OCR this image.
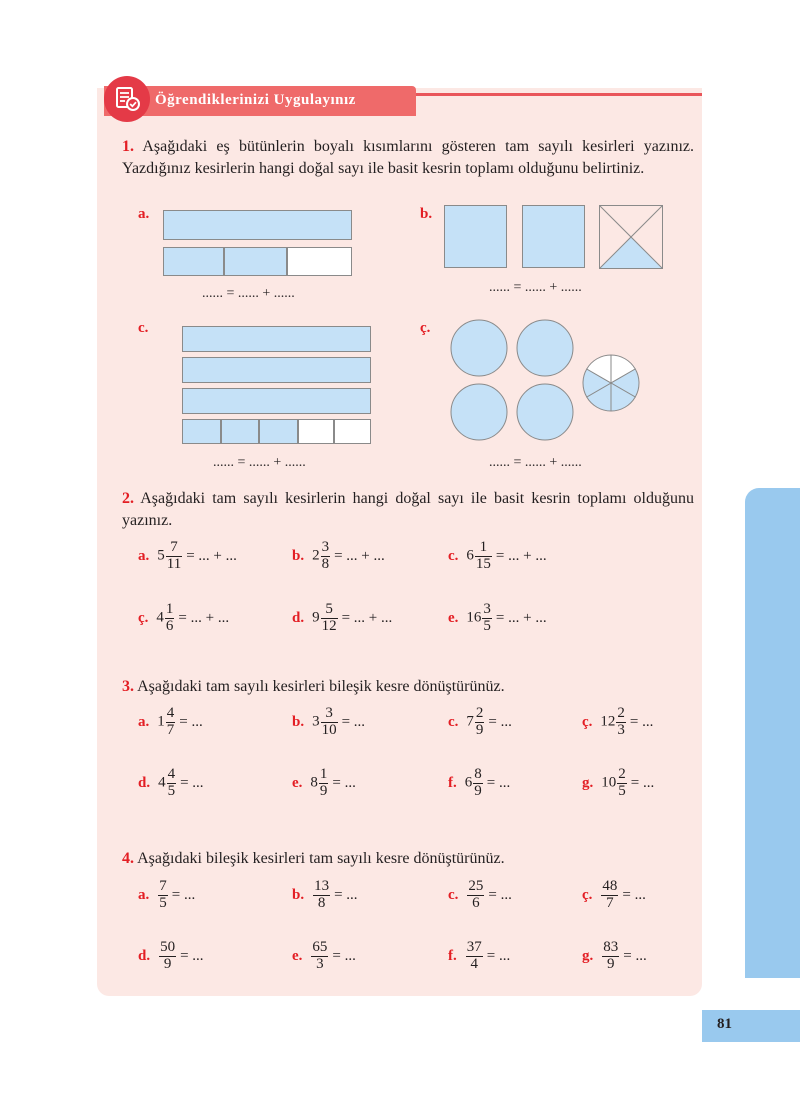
81
Öğrendiklerinizi Uygulayınız
1. Aşağıdaki eş bütünlerin boyalı kısımlarını gösteren tam sayılı kesirleri yazınız. Yazdığınız kesirlerin hangi doğal sayı ile basit kesrin toplamı olduğunu belirtiniz.
a.
...... = ...... + ......
b.
...... = ...... + ......
c.
...... = ...... + ......
ç.
...... = ...... + ......
2. Aşağıdaki tam sayılı kesirlerin hangi doğal sayı ile basit kesrin toplamı olduğunu yazınız.
a. $5 \frac{7}{11}$ = ... + ...	b. $2 \frac{3}{8}$ = ... + ...	c. $6 \frac{1}{15}$ = ... + ...
ç. $4 \frac{1}{6}$ = ... + ...	d. $9 \frac{5}{12}$ = ... + ...	e. $16 \frac{3}{5}$ = ... + ...
3. Aşağıdaki tam sayılı kesirleri bileşik kesre dönüştürünüz.
a. $1 \frac{4}{7}$ = ...	b. $3 \frac{3}{10}$ = ...	c. $7 \frac{2}{9}$ = ...	ç. $12 \frac{2}{3}$ = ...
d. $4 \frac{4}{5}$ = ...	e. $8 \frac{1}{9}$ = ...	f. $6 \frac{8}{9}$ = ...	g. $10 \frac{2}{5}$ = ...
4. Aşağıdaki bileşik kesirleri tam sayılı kesre dönüştürünüz.
a. $\frac{7}{5}$ = ...	b. $\frac{13}{8}$ = ...	c. $\frac{25}{6}$ = ...	ç. $\frac{48}{7}$ = ...
d. $\frac{50}{9}$ = ...	e. $\frac{65}{3}$ = ...	f. $\frac{37}{4}$ = ...	g. $\frac{83}{9}$ = ...
